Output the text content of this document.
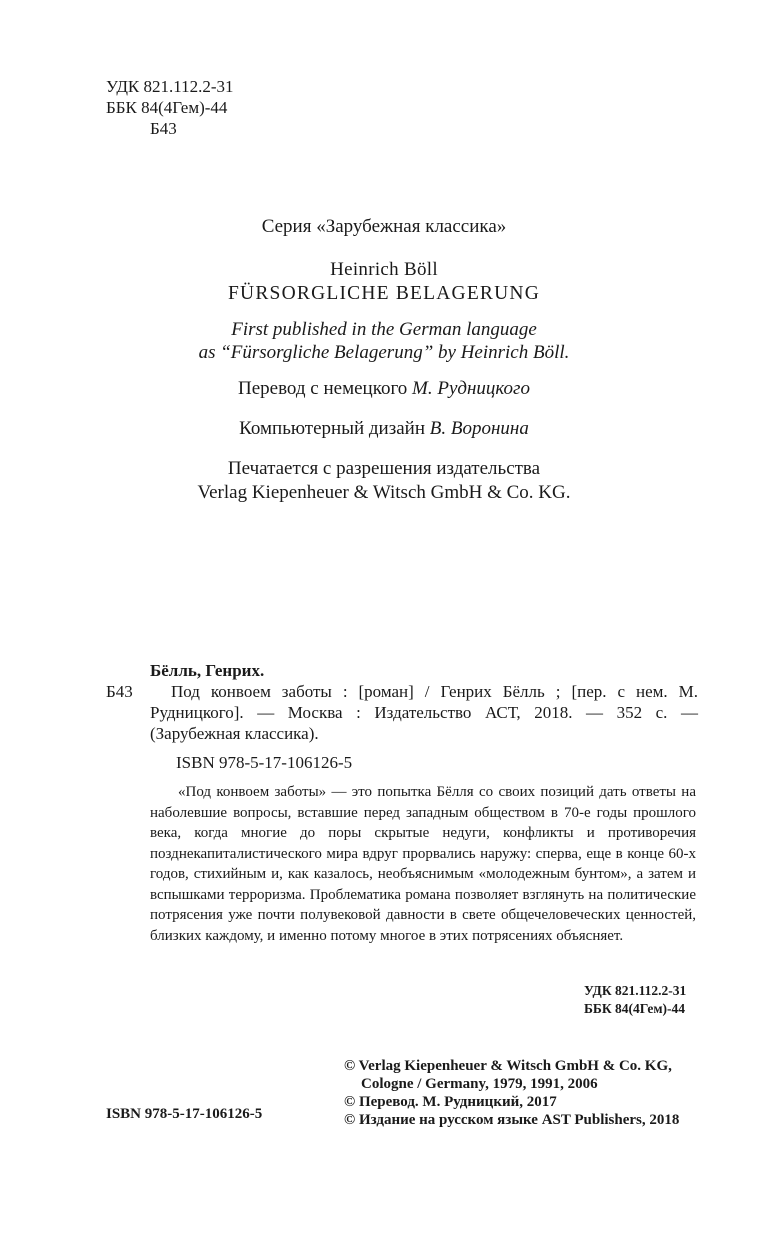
УДК 821.112.2-31
ББК 84(4Гем)-44
Б43
Серия «Зарубежная классика»
Heinrich Böll
FÜRSORGLICHE BELAGERUNG
First published in the German language
as “Fürsorgliche Belagerung” by Heinrich Böll.
Перевод с немецкого М. Рудницкого
Компьютерный дизайн В. Воронина
Печатается с разрешения издательства
Verlag Kiepenheuer & Witsch GmbH & Co. KG.
Бёлль, Генрих.
Б43	Под конвоем заботы : [роман] / Генрих Бёлль ; [пер. с нем. М. Рудницкого]. — Москва : Издательство АСТ, 2018. — 352 с. — (Зарубежная классика).
ISBN 978-5-17-106126-5
«Под конвоем заботы» — это попытка Бёлля со своих позиций дать ответы на наболевшие вопросы, вставшие перед западным обществом в 70-е годы прошлого века, когда многие до поры скрытые недуги, конфликты и противоречия позднекапиталистического мира вдруг прорвались наружу: сперва, еще в конце 60-х годов, стихийным и, как казалось, необъяснимым «молодежным бунтом», а затем и вспышками терроризма. Проблематика романа позволяет взглянуть на политические потрясения уже почти полувековой давности в свете общечеловеческих ценностей, близких каждому, и именно потому многое в этих потрясениях объясняет.
УДК 821.112.2-31
ББК 84(4Гем)-44
© Verlag Kiepenheuer & Witsch GmbH & Co. KG,
Cologne / Germany, 1979, 1991, 2006
© Перевод. М. Рудницкий, 2017
© Издание на русском языке AST Publishers, 2018
ISBN 978-5-17-106126-5
